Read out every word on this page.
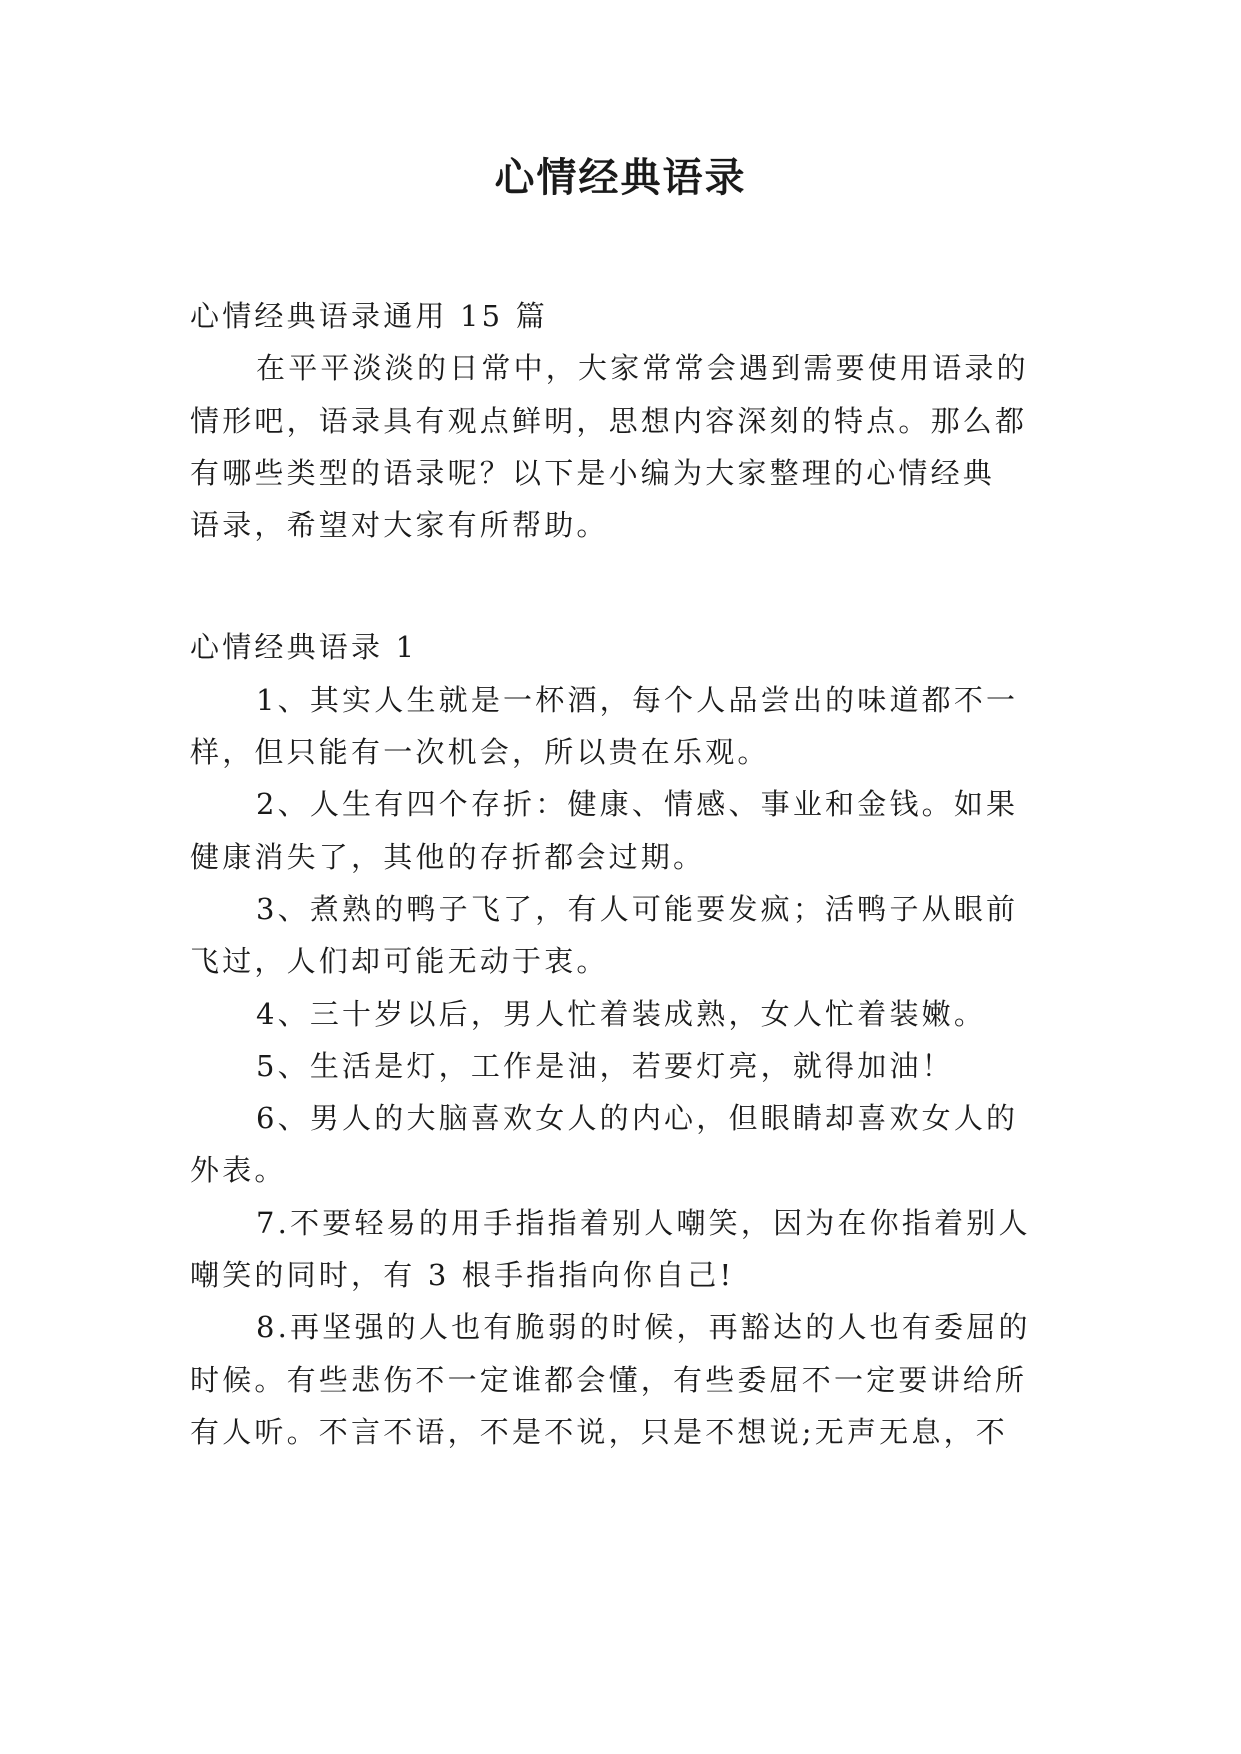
心情经典语录
心情经典语录通用 15 篇
在平平淡淡的日常中，大家常常会遇到需要使用语录的
情形吧，语录具有观点鲜明，思想内容深刻的特点。那么都
有哪些类型的语录呢？以下是小编为大家整理的心情经典
语录，希望对大家有所帮助。
心情经典语录 1
1、其实人生就是一杯酒，每个人品尝出的味道都不一
样，但只能有一次机会，所以贵在乐观。
2、人生有四个存折：健康、情感、事业和金钱。如果
健康消失了，其他的存折都会过期。
3、煮熟的鸭子飞了，有人可能要发疯；活鸭子从眼前
飞过，人们却可能无动于衷。
4、三十岁以后，男人忙着装成熟，女人忙着装嫩。
5、生活是灯，工作是油，若要灯亮，就得加油！
6、男人的大脑喜欢女人的内心，但眼睛却喜欢女人的
外表。
7.不要轻易的用手指指着别人嘲笑，因为在你指着别人
嘲笑的同时，有 3 根手指指向你自己!
8.再坚强的人也有脆弱的时候，再豁达的人也有委屈的
时候。有些悲伤不一定谁都会懂，有些委屈不一定要讲给所
有人听。不言不语，不是不说，只是不想说;无声无息，不
